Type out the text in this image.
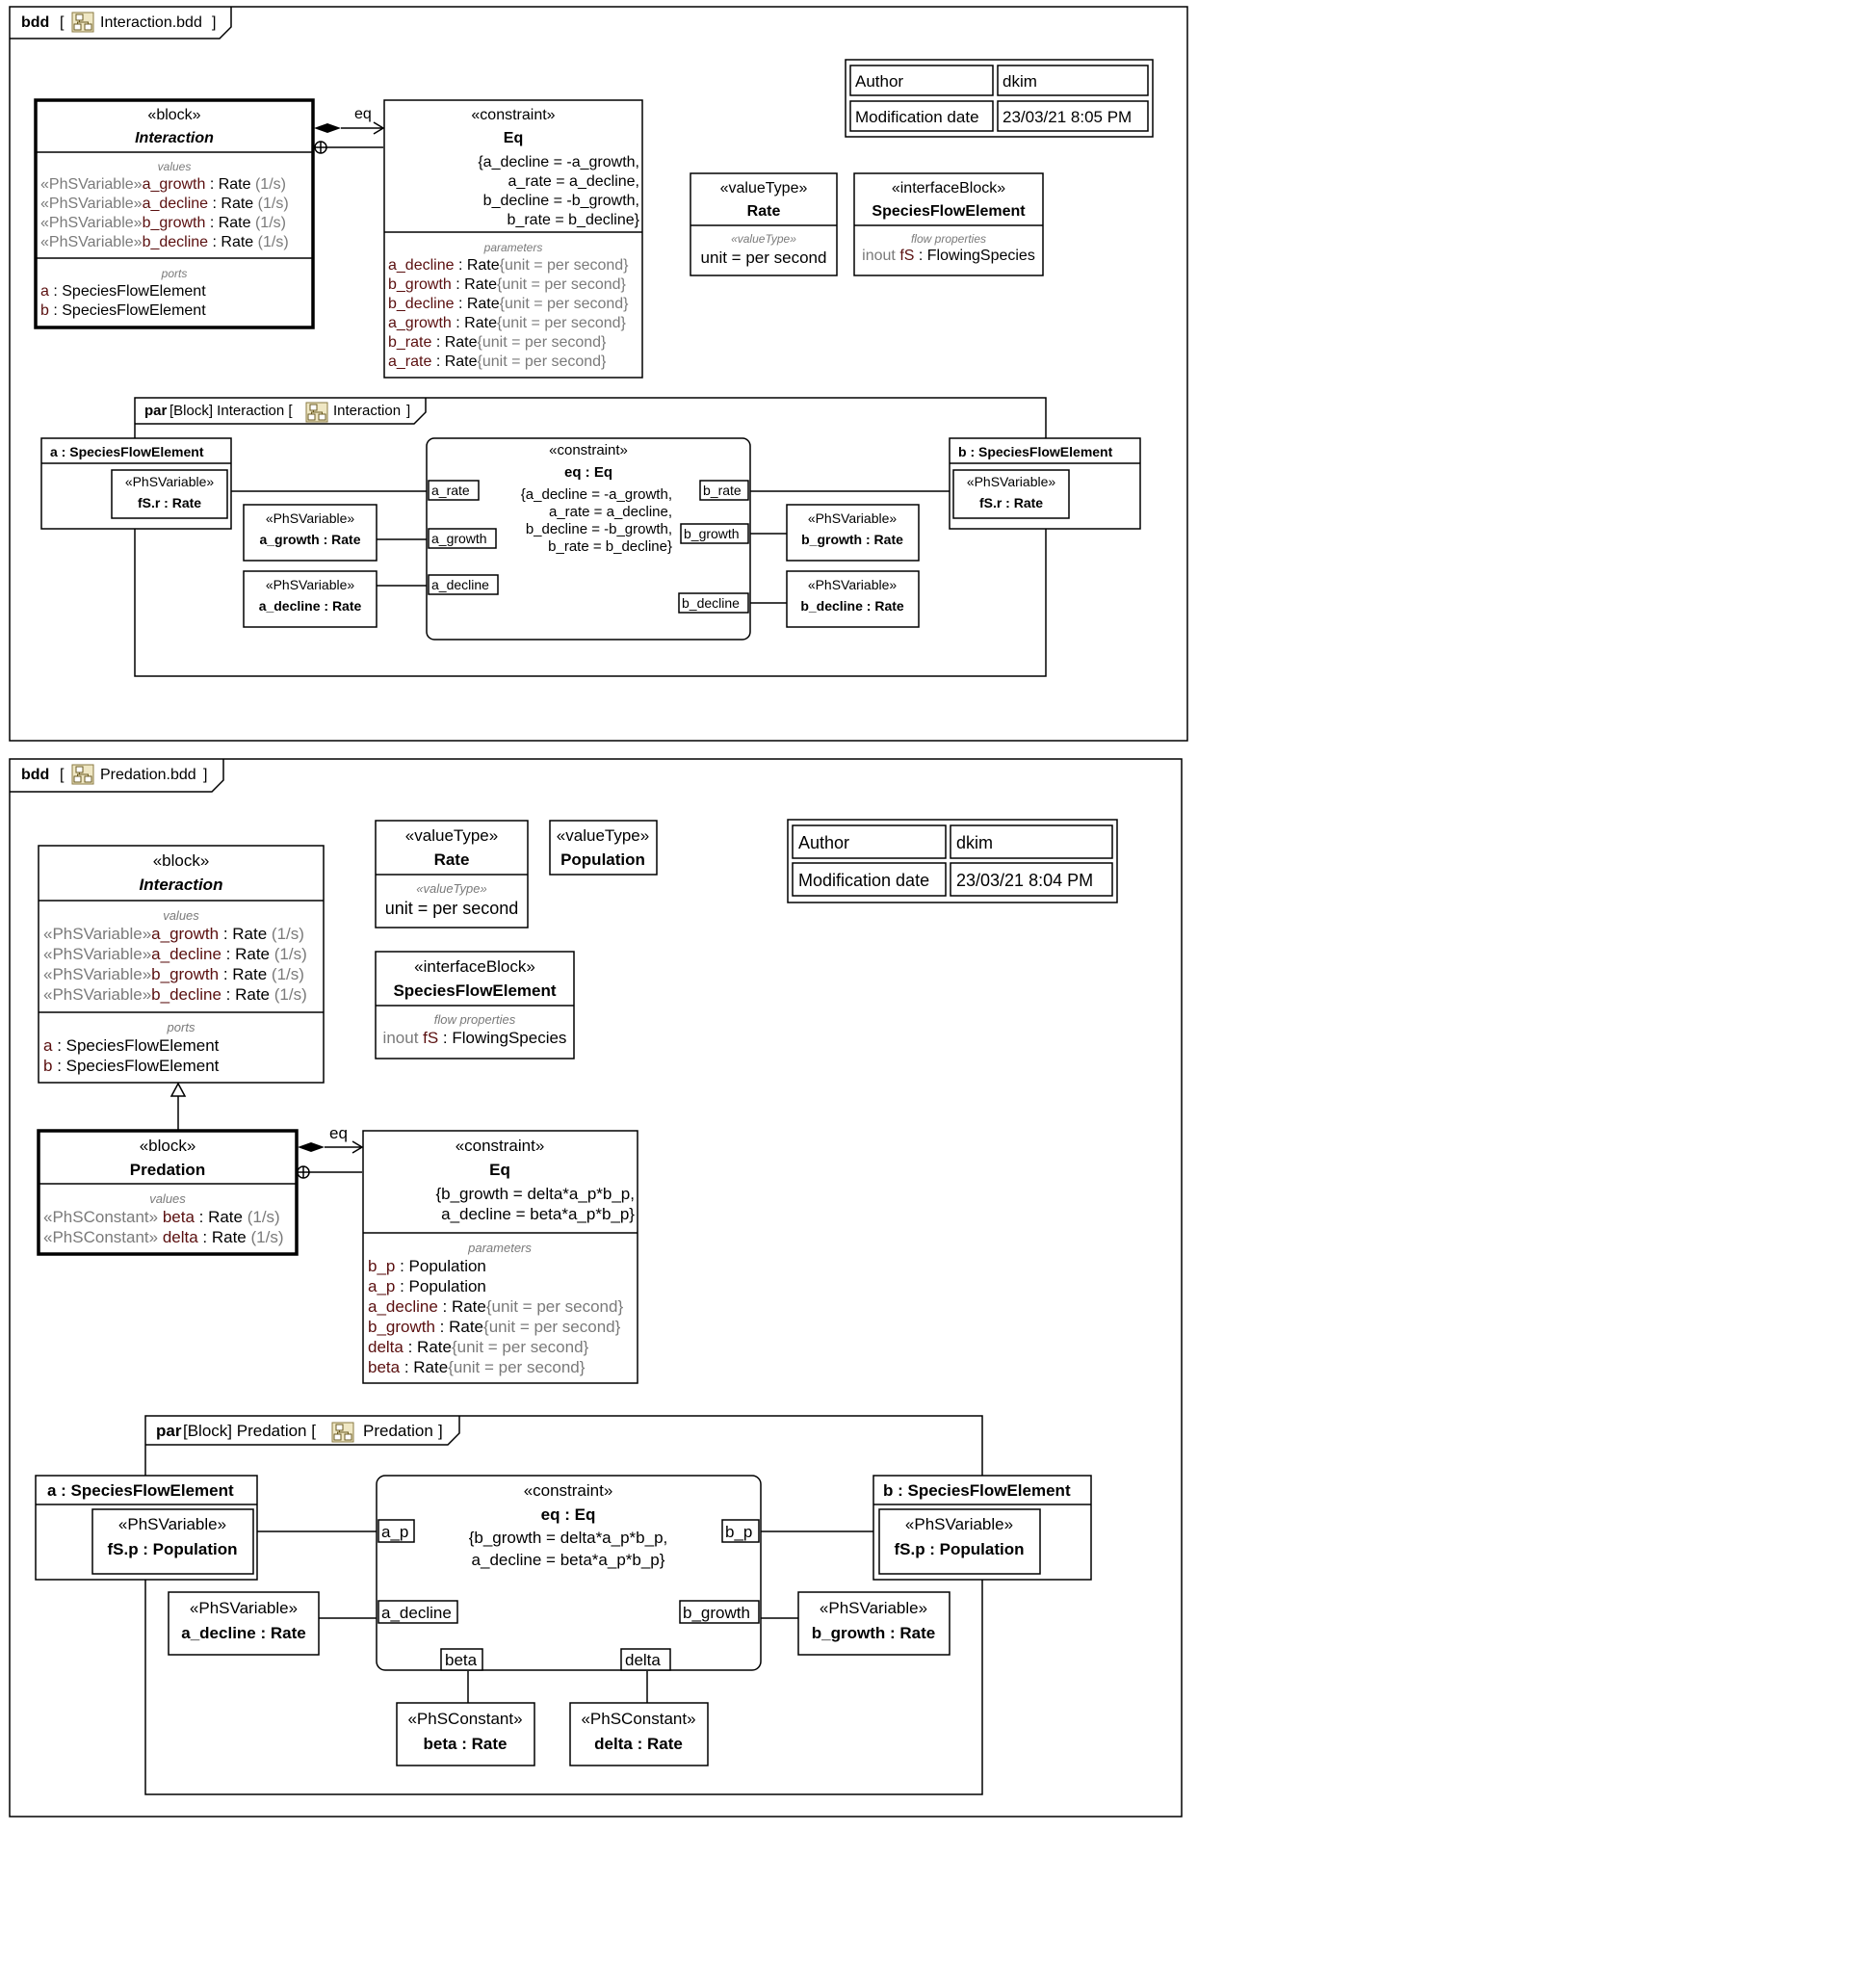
bdd [ Interaction.bdd ]
«block»
Interaction
values
«PhSVariable»a_growth : Rate (1/s)
«PhSVariable»a_decline : Rate (1/s)
«PhSVariable»b_growth : Rate (1/s)
«PhSVariable»b_decline : Rate (1/s)
ports
a : SpeciesFlowElement
b : SpeciesFlowElement
eq	«constraint»
Eq
{a_decline = -a_growth,
a_rate = a_decline,
b_decline = -b_growth,
b_rate = b_decline}
parameters
a_decline : Rate{unit = per second}
b_growth : Rate{unit = per second}
b_decline : Rate{unit = per second}
a_growth : Rate{unit = per second}
b_rate : Rate{unit = per second}
a_rate : Rate{unit = per second}
«valueType»
Rate
«valueType»
unit = per second
«interfaceBlock»
SpeciesFlowElement
flow properties
inout fS : FlowingSpecies
Author	dkim
Modification date 23/03/21 8:05 PM
par [Block] Interaction [	Interaction ]
a : SpeciesFlowElement
«PhSVariable»
fS.r : Rate
b : SpeciesFlowElement
«PhSVariable»
fS.r : Rate
«PhSVariable»
a_growth : Rate
«PhSVariable»
a_decline : Rate
«PhSVariable»
b_growth : Rate
«PhSVariable»
b_decline : Rate
«constraint»
eq : Eq
{a_decline = -a_growth,
a_rate = a_decline,
b_decline = -b_growth,
b_rate = b_decline}
a_rate
a_growth
a_decline
b_rate
b_growth
b_decline
bdd [ Predation.bdd ]
«block»
Interaction
values
«PhSVariable»a_growth : Rate (1/s)
«PhSVariable»a_decline : Rate (1/s)
«PhSVariable»b_growth : Rate (1/s)
«PhSVariable»b_decline : Rate (1/s)
ports
a : SpeciesFlowElement
b : SpeciesFlowElement
«block»
Predation
values
«PhSConstant» beta : Rate (1/s)
«PhSConstant» delta : Rate (1/s)
eq
«constraint»
Eq
{b_growth = delta*a_p*b_p,
a_decline = beta*a_p*b_p}
parameters
b_p : Population
a_p : Population
a_decline : Rate{unit = per second}
b_growth : Rate{unit = per second}
delta : Rate{unit = per second}
beta : Rate{unit = per second}
«valueType»
Rate
«valueType»
unit = per second
«valueType»
Population
«interfaceBlock»
SpeciesFlowElement
flow properties
inout fS : FlowingSpecies
Author	dkim
Modification date 23/03/21 8:04 PM
par [Block] Predation [	Predation ]
a : SpeciesFlowElement
«PhSVariable»
fS.p : Population
b : SpeciesFlowElement
«PhSVariable»
fS.p : Population
«PhSVariable»
a_decline : Rate
«PhSVariable»
b_growth : Rate
«PhSConstant»
beta : Rate
«PhSConstant»
delta : Rate
«constraint»
eq : Eq
{b_growth = delta*a_p*b_p,
a_decline = beta*a_p*b_p}
a_p
a_decline
b_p
b_growth
beta	delta
